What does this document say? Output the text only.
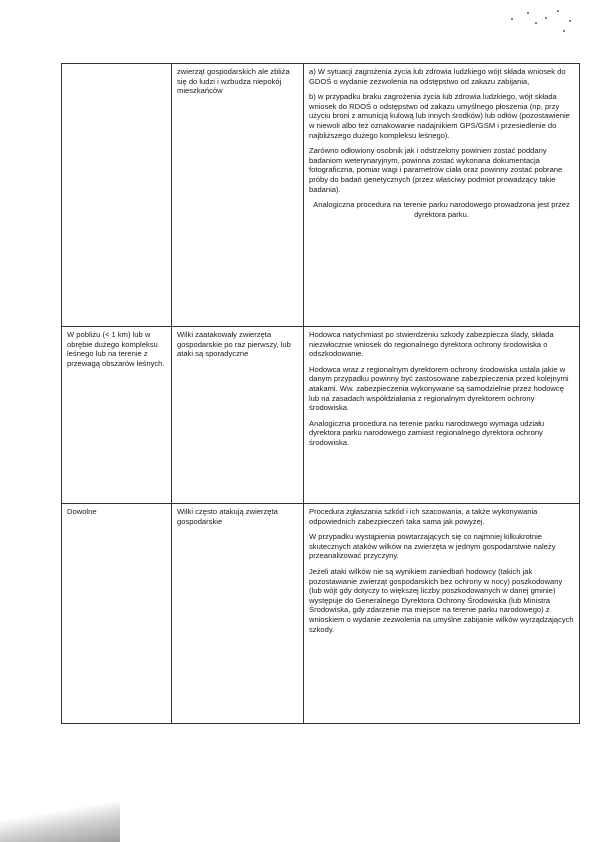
	zwierząt gospodarskich ale zbliża się do ludzi i wzbudza niepokój mieszkańców	a) W sytuacji zagrożenia życia lub zdrowia ludzkiego wójt składa wniosek do GDOŚ o wydanie zezwolenia na odstępstwo od zakazu zabijania,
b) w przypadku braku zagrożenia życia lub zdrowia ludzkiego, wójt składa wniosek do RDOŚ o odstępstwo od zakazu umyślnego płoszenia (np. przy użyciu broni z amunicją kulową lub innych środków) lub odłów (pozostawienie w niewoli albo też oznakowanie nadajnikiem GPS/GSM i przesiedlenie do najbliższego dużego kompleksu leśnego).
Zarówno odłowiony osobnik jak i odstrzelony powinien zostać poddany badaniom weterynaryjnym, powinna zostać wykonana dokumentacja fotograficzna, pomiar wagi i parametrów ciała oraz powinny zostać pobrane próby do badań genetycznych (przez właściwy podmiot prowadzący takie badania).
Analogiczna procedura na terenie parku narodowego prowadzona jest przez dyrektora parku.

W pobliżu (< 1 km) lub w obrębie dużego kompleksu leśnego lub na terenie z przewagą obszarów leśnych.	Wilki zaatakowały zwierzęta gospodarskie po raz pierwszy, lub ataki są sporadyczne	Hodowca natychmiast po stwierdzeniu szkody zabezpiecza ślady, składa niezwłocznie wniosek do regionalnego dyrektora ochrony środowiska o odszkodowanie.
Hodowca wraz z regionalnym dyrektorem ochrony środowiska ustala jakie w danym przypadku powinny być zastosowane zabezpieczenia przed kolejnymi atakami. Ww. zabezpieczenia wykonywane są samodzielnie przez hodowcę lub na zasadach współdziałania z regionalnym dyrektorem ochrony środowiska.
Analogiczna procedura na terenie parku narodowego wymaga udziału dyrektora parku narodowego zamiast regionalnego dyrektora ochrony środowiska.

Dowolne	Wilki często atakują zwierzęta gospodarskie	Procedura zgłaszania szkód i ich szacowania, a także wykonywania odpowiednich zabezpieczeń taka sama jak powyżej.
W przypadku wystąpienia powtarzających się co najmniej kilkukrotnie skutecznych ataków wilków na zwierzęta w jednym gospodarstwie należy przeanalizować przyczyny.
Jeżeli ataki wilków nie są wynikiem zaniedbań hodowcy (takich jak pozostawianie zwierząt gospodarskich bez ochrony w nocy) poszkodowany (lub wójt gdy dotyczy to większej liczby poszkodowanych w danej gminie) występuje do Generalnego Dyrektora Ochrony Środowiska (lub Ministra Środowiska, gdy zdarzenie ma miejsce na terenie parku narodowego) z wnioskiem o wydanie zezwolenia na umyślne zabijanie wilków wyrządzających szkody.
